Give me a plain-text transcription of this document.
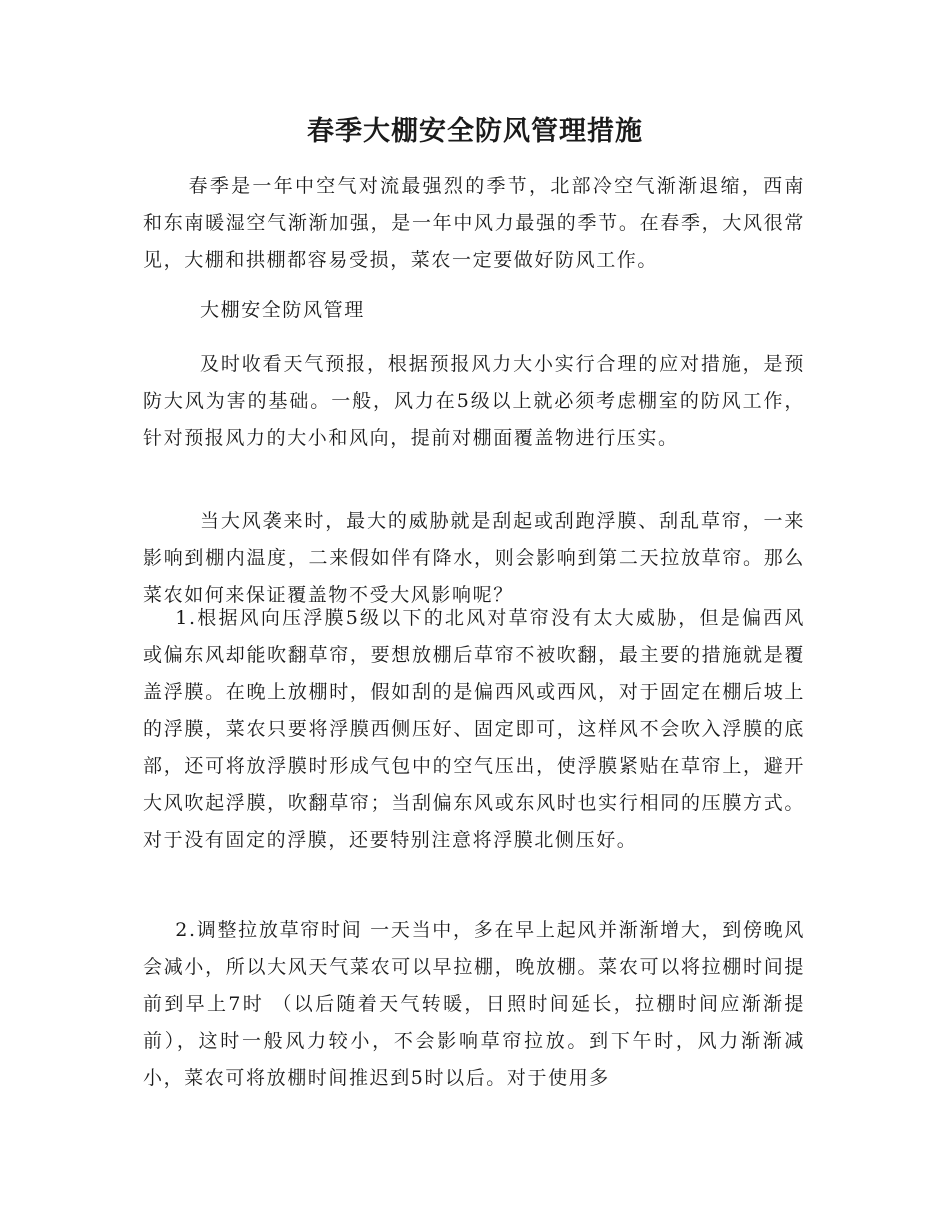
春季大棚安全防风管理措施

春季是一年中空气对流最强烈的季节，北部冷空气渐渐退缩，西南和东南暖湿空气渐渐加强，是一年中风力最强的季节。在春季，大风很常见，大棚和拱棚都容易受损，菜农一定要做好防风工作。

大棚安全防风管理

及时收看天气预报，根据预报风力大小实行合理的应对措施，是预防大风为害的基础。一般，风力在5级以上就必须考虑棚室的防风工作，针对预报风力的大小和风向，提前对棚面覆盖物进行压实。

当大风袭来时，最大的威胁就是刮起或刮跑浮膜、刮乱草帘，一来影响到棚内温度，二来假如伴有降水，则会影响到第二天拉放草帘。那么菜农如何来保证覆盖物不受大风影响呢？

1.根据风向压浮膜5级以下的北风对草帘没有太大威胁，但是偏西风或偏东风却能吹翻草帘，要想放棚后草帘不被吹翻，最主要的措施就是覆盖浮膜。在晚上放棚时，假如刮的是偏西风或西风，对于固定在棚后坡上的浮膜，菜农只要将浮膜西侧压好、固定即可，这样风不会吹入浮膜的底部，还可将放浮膜时形成气包中的空气压出，使浮膜紧贴在草帘上，避开大风吹起浮膜，吹翻草帘；当刮偏东风或东风时也实行相同的压膜方式。对于没有固定的浮膜，还要特别注意将浮膜北侧压好。

2.调整拉放草帘时间 一天当中，多在早上起风并渐渐增大，到傍晚风会减小，所以大风天气菜农可以早拉棚，晚放棚。菜农可以将拉棚时间提前到早上7时 （以后随着天气转暖，日照时间延长，拉棚时间应渐渐提前），这时一般风力较小，不会影响草帘拉放。到下午时，风力渐渐减小，菜农可将放棚时间推迟到5时以后。对于使用多
